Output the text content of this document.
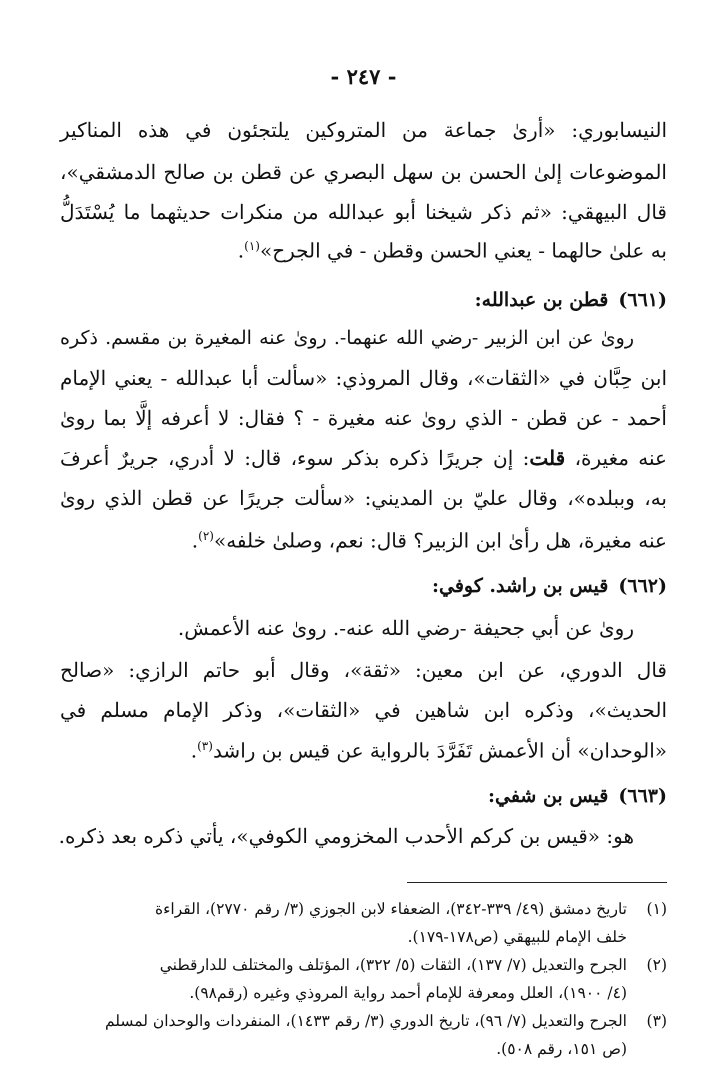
- ٢٤٧ -
النيسابوري: «أرىٰ جماعة من المتروكين يلتجئون في هذه المناكير
الموضوعات إلىٰ الحسن بن سهل البصري عن قطن بن صالح الدمشقي»،
قال البيهقي: «ثم ذكر شيخنا أبو عبدالله من منكرات حديثهما ما يُسْتَدَلُّ
به علىٰ حالهما - يعني الحسن وقطن - في الجرح»$^{(١)}$.
(٦٦١)قطن بن عبدالله:
روىٰ عن ابن الزبير -رضي الله عنهما-. روىٰ عنه المغيرة بن مقسم. ذكره
ابن حِبَّان في «الثقات»، وقال المروذي: «سألت أبا عبدالله - يعني الإمام
أحمد - عن قطن - الذي روىٰ عنه مغيرة - ؟ فقال: لا أعرفه إلَّا بما روىٰ
عنه مغيرة، قلت: إن جريرًا ذكره بذكر سوء، قال: لا أدري، جريرٌ أعرفَ
به، وببلده»، وقال عليّ بن المديني: «سألت جريرًا عن قطن الذي روىٰ
عنه مغيرة، هل رأىٰ ابن الزبير؟ قال: نعم، وصلىٰ خلفه»$^{(٢)}$.
(٦٦٢)قيس بن راشد. كوفي:
روىٰ عن أبي جحيفة -رضي الله عنه-. روىٰ عنه الأعمش.
قال الدوري، عن ابن معين: «ثقة»، وقال أبو حاتم الرازي: «صالح
الحديث»، وذكره ابن شاهين في «الثقات»، وذكر الإمام مسلم في
«الوحدان» أن الأعمش تَفَرَّدَ بالرواية عن قيس بن راشد$^{(٣)}$.
(٦٦٣)قيس بن شفي:
هو: «قيس بن كركم الأحدب المخزومي الكوفي»، يأتي ذكره بعد ذكره.
(١)
تاريخ دمشق (٤٩/ ٣٣٩-٣٤٢)، الضعفاء لابن الجوزي (٣/ رقم ٢٧٧٠)، القراءة
خلف الإمام للبيهقي (ص١٧٨-١٧٩).
(٢)
الجرح والتعديل (٧/ ١٣٧)، الثقات (٥/ ٣٢٢)، المؤتلف والمختلف للدارقطني
(٤/ ١٩٠٠)، العلل ومعرفة للإمام أحمد رواية المروذي وغيره (رقم٩٨).
(٣)
الجرح والتعديل (٧/ ٩٦)، تاريخ الدوري (٣/ رقم ١٤٣٣)، المنفردات والوحدان لمسلم
(ص ١٥١، رقم ٥٠٨).
